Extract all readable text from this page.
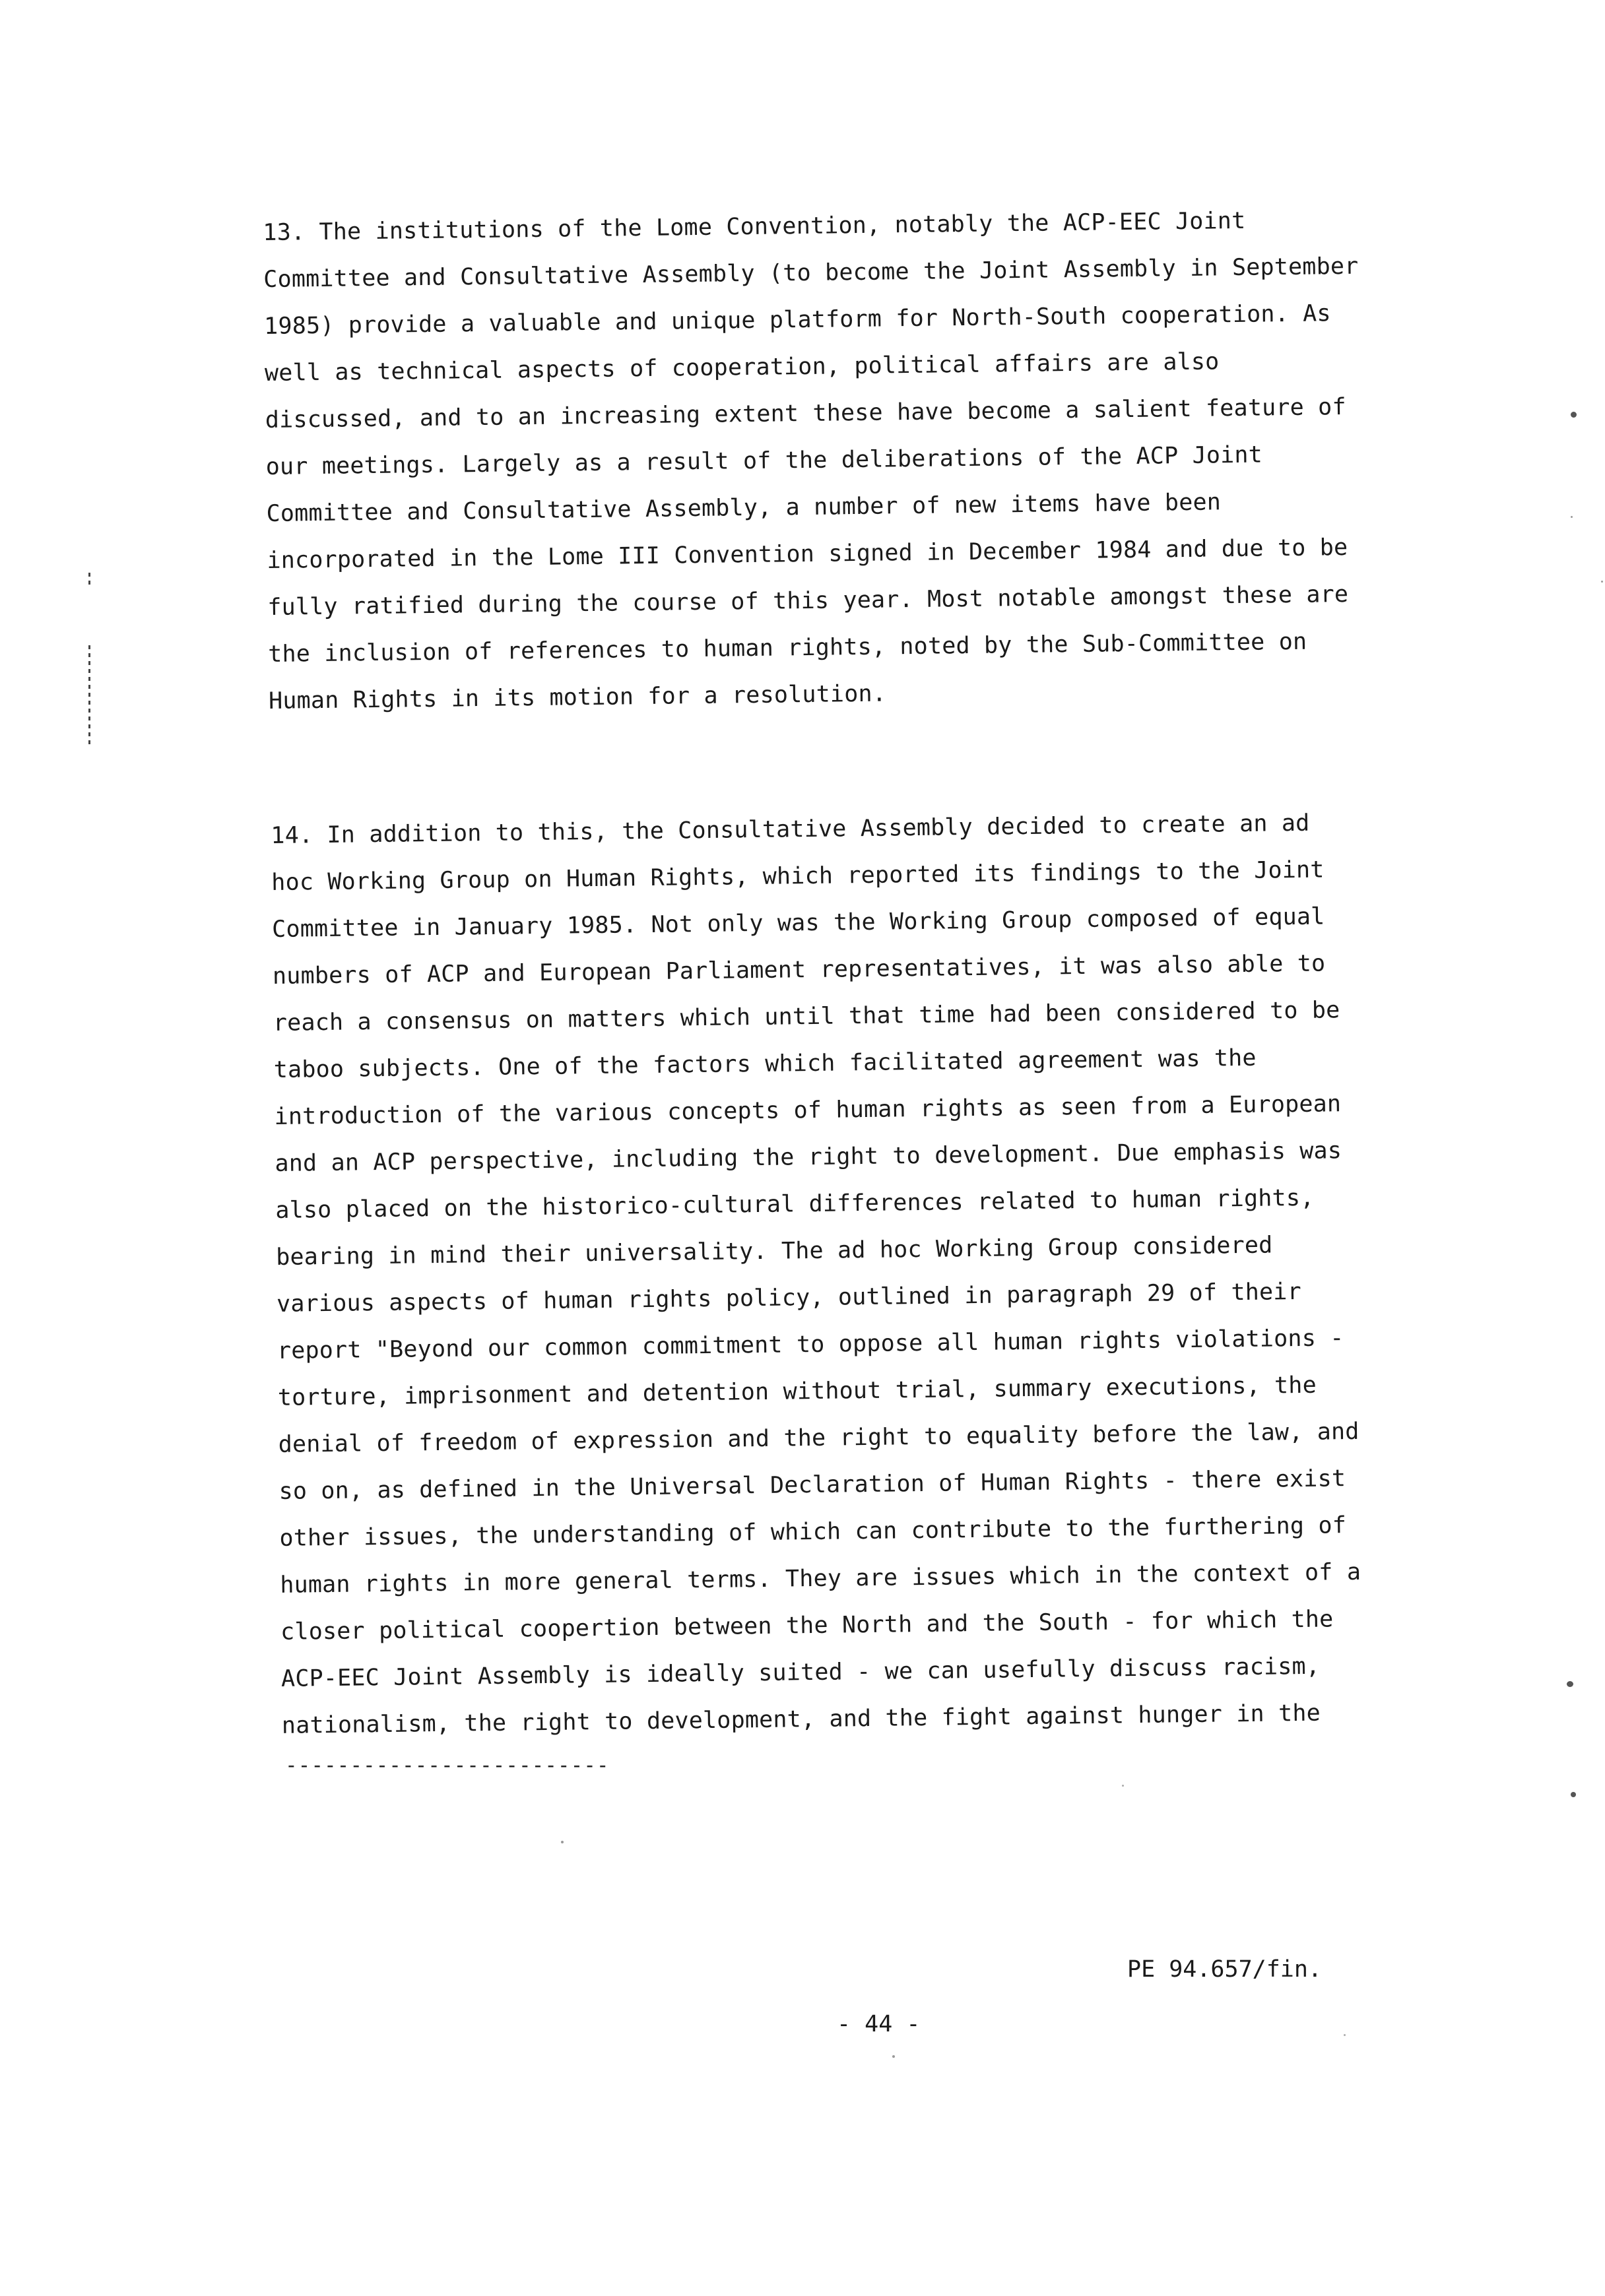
13. The institutions of the Lome Convention, notably the ACP-EEC Joint
Committee and Consultative Assembly (to become the Joint Assembly in September
1985) provide a valuable and unique platform for North-South cooperation. As
well as technical aspects of cooperation, political affairs are also
discussed, and to an increasing extent these have become a salient feature of
our meetings. Largely as a result of the deliberations of the ACP Joint
Committee and Consultative Assembly, a number of new items have been
incorporated in the Lome III Convention signed in December 1984 and due to be
fully ratified during the course of this year. Most notable amongst these are
the inclusion of references to human rights, noted by the Sub-Committee on
Human Rights in its motion for a resolution.
14. In addition to this, the Consultative Assembly decided to create an ad
hoc Working Group on Human Rights, which reported its findings to the Joint
Committee in January 1985. Not only was the Working Group composed of equal
numbers of ACP and European Parliament representatives, it was also able to
reach a consensus on matters which until that time had been considered to be
taboo subjects. One of the factors which facilitated agreement was the
introduction of the various concepts of human rights as seen from a European
and an ACP perspective, including the right to development. Due emphasis was
also placed on the historico-cultural differences related to human rights,
bearing in mind their universality. The ad hoc Working Group considered
various aspects of human rights policy, outlined in paragraph 29 of their
report "Beyond our common commitment to oppose all human rights violations -
torture, imprisonment and detention without trial, summary executions, the
denial of freedom of expression and the right to equality before the law, and
so on, as defined in the Universal Declaration of Human Rights - there exist
other issues, the understanding of which can contribute to the furthering of
human rights in more general terms. They are issues which in the context of a
closer political coopertion between the North and the South - for which the
ACP-EEC Joint Assembly is ideally suited - we can usefully discuss racism,
nationalism, the right to development, and the fight against hunger in the
-------------------------
PE 94.657/fin.
- 44 -
